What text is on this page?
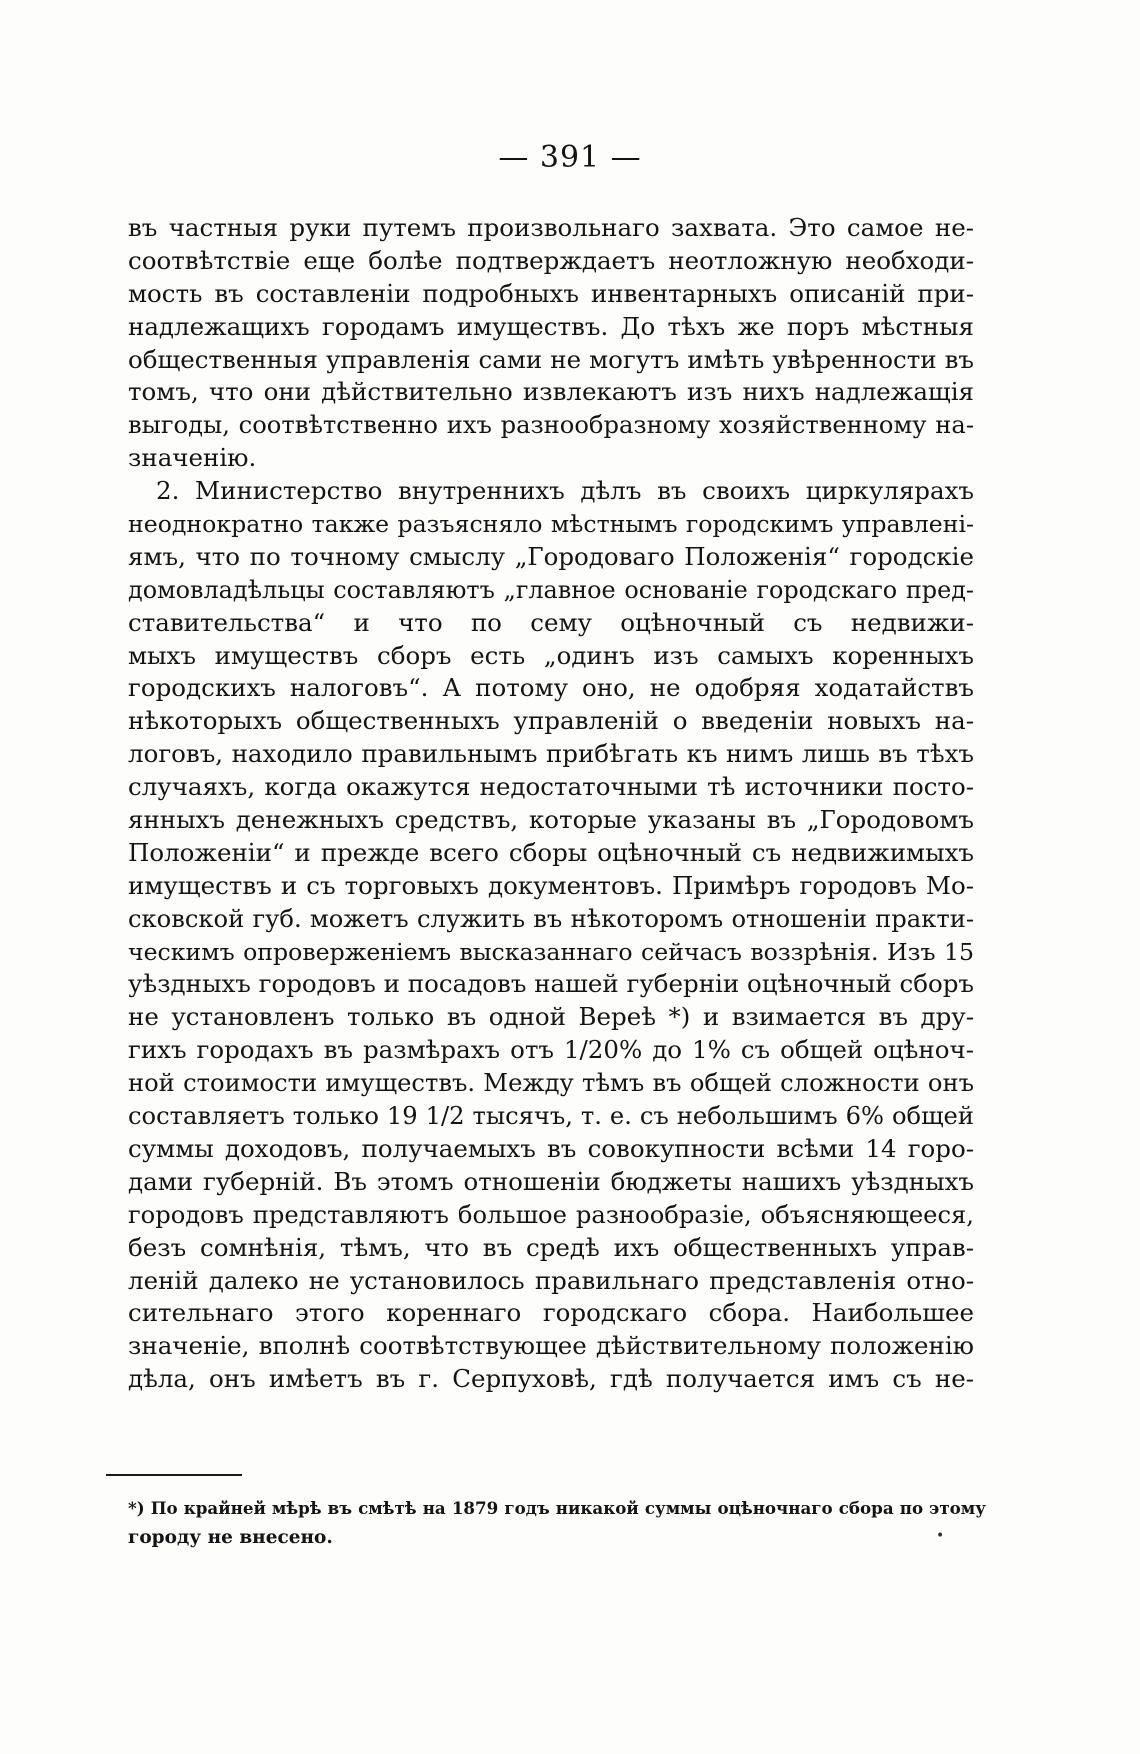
— 391 —
въ частныя руки путемъ произвольнаго захвата. Это самое не-
соотвѣтствіе еще болѣе подтверждаетъ неотложную необходи-
мость въ составленіи подробныхъ инвентарныхъ описаній при-
надлежащихъ городамъ имуществъ. До тѣхъ же поръ мѣстныя
общественныя управленія сами не могутъ имѣть увѣренности въ
томъ, что они дѣйствительно извлекаютъ изъ нихъ надлежащія
выгоды, соотвѣтственно ихъ разнообразному хозяйственному на-
значенію.
2. Министерство внутреннихъ дѣлъ въ своихъ циркулярахъ
неоднократно также разъясняло мѣстнымъ городскимъ управленi-
ямъ, что по точному смыслу „Городоваго Положенія“ городскіе
домовладѣльцы составляютъ „главное основаніе городскаго пред-
ставительства“ и что по сему оцѣночный съ недвижи-
мыхъ имуществъ сборъ есть „одинъ изъ самыхъ коренныхъ
городскихъ налоговъ“. А потому оно, не одобряя ходатайствъ
нѣкоторыхъ общественныхъ управленій о введеніи новыхъ на-
логовъ, находило правильнымъ прибѣгать къ нимъ лишь въ тѣхъ
случаяхъ, когда окажутся недостаточными тѣ источники посто-
янныхъ денежныхъ средствъ, которые указаны въ „Городовомъ
Положеніи“ и прежде всего сборы оцѣночный съ недвижимыхъ
имуществъ и съ торговыхъ документовъ. Примѣръ городовъ Мо-
сковской губ. можетъ служить въ нѣкоторомъ отношеніи практи-
ческимъ опроверженіемъ высказаннаго сейчасъ воззрѣнія. Изъ 15
уѣздныхъ городовъ и посадовъ нашей губерніи оцѣночный сборъ
не установленъ только въ одной Вереѣ *) и взимается въ дру-
гихъ городахъ въ размѣрахъ отъ 1/20% до 1% съ общей оцѣноч-
ной стоимости имуществъ. Между тѣмъ въ общей сложности онъ
составляетъ только 19 1/2 тысячъ, т. е. съ небольшимъ 6% общей
суммы доходовъ, получаемыхъ въ совокупности всѣми 14 горо-
дами губерній. Въ этомъ отношеніи бюджеты нашихъ уѣздныхъ
городовъ представляютъ большое разнообразіе, объясняющееся,
безъ сомнѣнія, тѣмъ, что въ средѣ ихъ общественныхъ управ-
леній далеко не установилось правильнаго представленія отно-
сительнаго этого кореннаго городскаго сбора. Наибольшее
значеніе, вполнѣ соотвѣтствующее дѣйствительному положенію
дѣла, онъ имѣетъ въ г. Серпуховѣ, гдѣ получается имъ съ не-
*) По крайней мѣрѣ въ смѣтѣ на 1879 годъ никакой суммы оцѣночнаго сбора по этому
городу не внесено.	•
